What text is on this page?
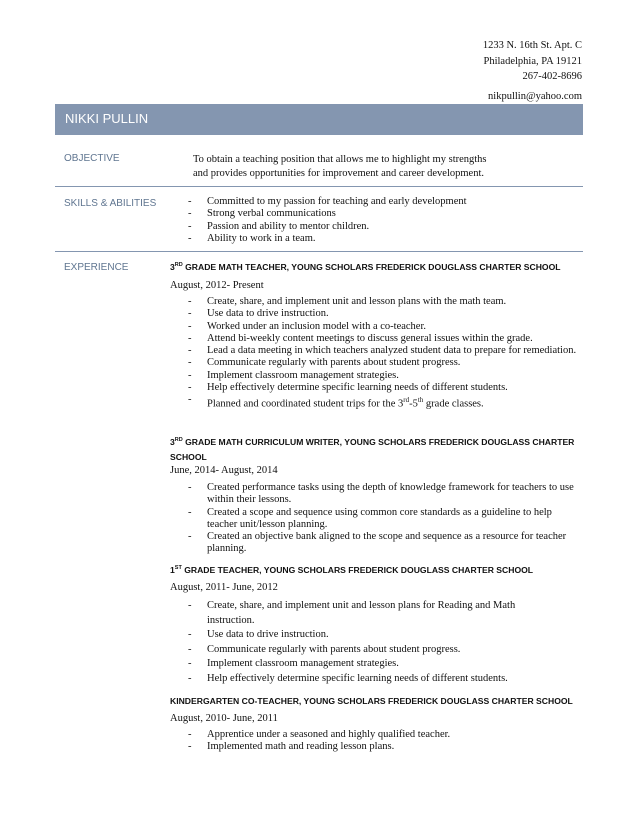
1233 N. 16th St. Apt. C
Philadelphia, PA 19121
267-402-8696
nikpullin@yahoo.com
NIKKI PULLIN
OBJECTIVE	To obtain a teaching position that allows me to highlight my strengths
and provides opportunities for improvement and career development.
SKILLS & ABILITIES
-	Committed to my passion for teaching and early development
- Strong verbal communications
- Passion and ability to mentor children.
- Ability to work in a team.
EXPERIENCE	3RD GRADE MATH TEACHER, YOUNG SCHOLARS FREDERICK DOUGLASS CHARTER SCHOOL
August, 2012- Present
- Create, share, and implement unit and lesson plans with the math team.
- Use data to drive instruction.
- Worked under an inclusion model with a co-teacher.
- Attend bi-weekly content meetings to discuss general issues within the grade.
- Lead a data meeting in which teachers analyzed student data to prepare for remediation.
- Communicate regularly with parents about student progress.
- Implement classroom management strategies.
- Help effectively determine specific learning needs of different students.
- Planned and coordinated student trips for the 3rd-5th grade classes.
3RD GRADE MATH CURRICULUM WRITER, YOUNG SCHOLARS FREDERICK DOUGLASS CHARTER SCHOOL
June, 2014- August, 2014
- Created performance tasks using the depth of knowledge framework for teachers to use within their lessons.
- Created a scope and sequence using common core standards as a guideline to help teacher unit/lesson planning.
- Created an objective bank aligned to the scope and sequence as a resource for teacher planning.
1ST GRADE TEACHER, YOUNG SCHOLARS FREDERICK DOUGLASS CHARTER SCHOOL
August, 2011- June, 2012
- Create, share, and implement unit and lesson plans for Reading and Math instruction.
- Use data to drive instruction.
- Communicate regularly with parents about student progress.
- Implement classroom management strategies.
- Help effectively determine specific learning needs of different students.
KINDERGARTEN CO-TEACHER, YOUNG SCHOLARS FREDERICK DOUGLASS CHARTER SCHOOL
August, 2010- June, 2011
- Apprentice under a seasoned and highly qualified teacher.
- Implemented math and reading lesson plans.
